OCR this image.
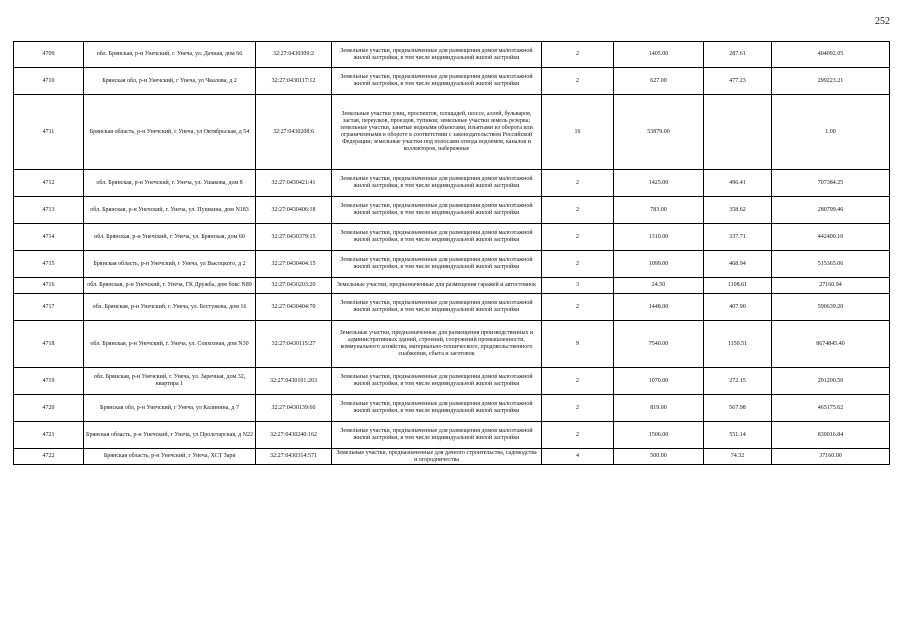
252
4709	обл. Брянская, р-н Унечский, г. Унеча, ул. Дачная, дом 66	32:27:0430309:2	Земельные участки, предназначенные для размещения домов малоэтажной жилой застройки, в том числе индивидуальной жилой застройки	2	1405.00	287.61	404092.05
4710	Брянская обл, р-н Унечский, г Унеча, ул Чкалова, д 2	32:27:0430117:12	Земельные участки, предназначенные для размещения домов малоэтажной жилой застройки, в том числе индивидуальной жилой застройки	2	627.00	477.23	299223.21
4711	Брянская область, р-н Унечский, г Унеча, ул Октябрьская, д 54	32:27:0430208:6	Земельные участки улиц, проспектов, площадей, шоссе, аллей, бульваров, застав, переулков, проездов, тупиков; земельные участки земель резерва; земельные участки, занятые водными объектами, изъятыми из оборота или ограниченными в обороте в соответствии с законодательством Российской Федерации; земельные участки под полосами отвода водоемов, каналов и коллекторов, набережные	16	53879.00		1.00
4712	обл. Брянская, р-н Унечский, г. Унеча, ул. Ушакова, дом 8	32:27:0430421:41	Земельные участки, предназначенные для размещения домов малоэтажной жилой застройки, в том числе индивидуальной жилой застройки	2	1425.00	496.41	707384.25
4713	обл. Брянская, р-н Унечский, г. Унеча, ул. Пушкина, дом N183	32:27:0430406:18	Земельные участки, предназначенные для размещения домов малоэтажной жилой застройки, в том числе индивидуальной жилой застройки	2	783.00	358.62	280799.46
4714	обл. Брянская, р-н Унечский, г. Унеча, ул. Брянская, дом 60	32:27:0430379:15	Земельные участки, предназначенные для размещения домов малоэтажной жилой застройки, в том числе индивидуальной жилой застройки	2	1310.00	337.71	442400.10
4715	Брянская область, р-н Унечский, г Унеча, ул Высоцкого, д 2	32:27:0430404:15	Земельные участки, предназначенные для размещения домов малоэтажной жилой застройки, в том числе индивидуальной жилой застройки	2	1099.00	468.94	515365.06
4716	обл. Брянская, р-н Унечский, г. Унеча, ГК Дружба, дом бокс N89	32:27:0430203:20	Земельные участки, предназначенные для размещения гаражей и автостоянок	3	24.50	1108.61	27160.94
4717	обл. Брянская, р-н Унечский, г. Унеча, ул. Бестужева, дом 16	32:27:0430404:70	Земельные участки, предназначенные для размещения домов малоэтажной жилой застройки, в том числе индивидуальной жилой застройки	2	1448.00	407.90	590639.20
4718	обл. Брянская, р-н Унечский, г. Унеча, ул. Совхозная, дом N30	32:27:0430115:27	Земельные участки, предназначенные для размещения производственных и административных зданий, строений, сооружений промышленности, коммунального хозяйства, материально-технического, продовольственного снабжения, сбыта и заготовок	9	7540.00	1150.51	8674845.40
4719	обл. Брянская, р-н Унечский, г. Унеча, ул. Заречная, дом 32, квартира 1	32:27:0430101:263	Земельные участки, предназначенные для размещения домов малоэтажной жилой застройки, в том числе индивидуальной жилой застройки	2	1070.00	272.15	291200.50
4720	Брянская обл, р-н Унечский, г Унеча, ул Калинина, д 7	32:27:0430139:60	Земельные участки, предназначенные для размещения домов малоэтажной жилой застройки, в том числе индивидуальной жилой застройки	2	819.00	567.98	465175.62
4721	Брянская область, р-н Унечский, г Унеча, ул Пролетарская, д N22	32:27:0430240:162	Земельные участки, предназначенные для размещения домов малоэтажной жилой застройки, в том числе индивидуальной жилой застройки	2	1506.00	551.14	830016.84
4722	Брянская область, р-н Унечский, г Унеча, ХСТ Заря	32:27:0430314:571	Земельные участки, предназначенные для дачного строительства, садоводства и огородничества	4	500.00	74.32	37160.00
